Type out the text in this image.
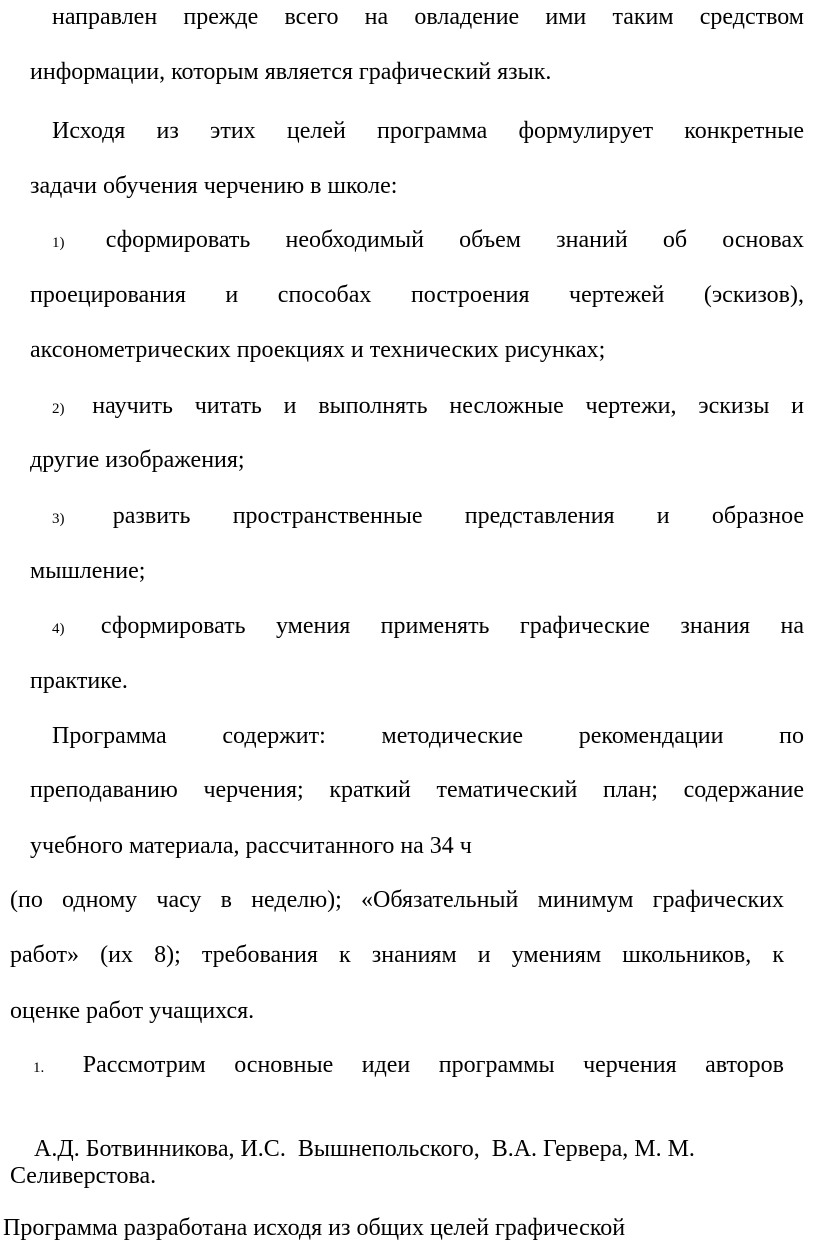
направлен прежде всего на овладение ими таким средством
информации, которым является графический язык.
Исходя из этих целей программа формулирует конкретные
задачи обучения черчению в школе:
1) сформировать необходимый объем знаний об основах
проецирования и способах построения чертежей (эскизов),
аксонометрических проекциях и технических рисунках;
2) научить читать и выполнять несложные чертежи, эскизы и
другие изображения;
3) развить пространственные представления и образное
мышление;
4) сформировать умения применять графические знания на
практике.
Программа содержит: методические рекомендации по
преподаванию черчения; краткий тематический план; содержание
учебного материала, рассчитанного на 34 ч
(по одному часу в неделю); «Обязательный минимум графических
работ» (их 8); требования к знаниям и умениям школьников, к
оценке работ учащихся.
1. Рассмотрим основные идеи программы черчения авторов

А.Д. Ботвинникова, И.С.  Вышнепольского,  В.А. Гервера, М. М.

Селиверстова.
Программа разработана исходя из общих целей графической
